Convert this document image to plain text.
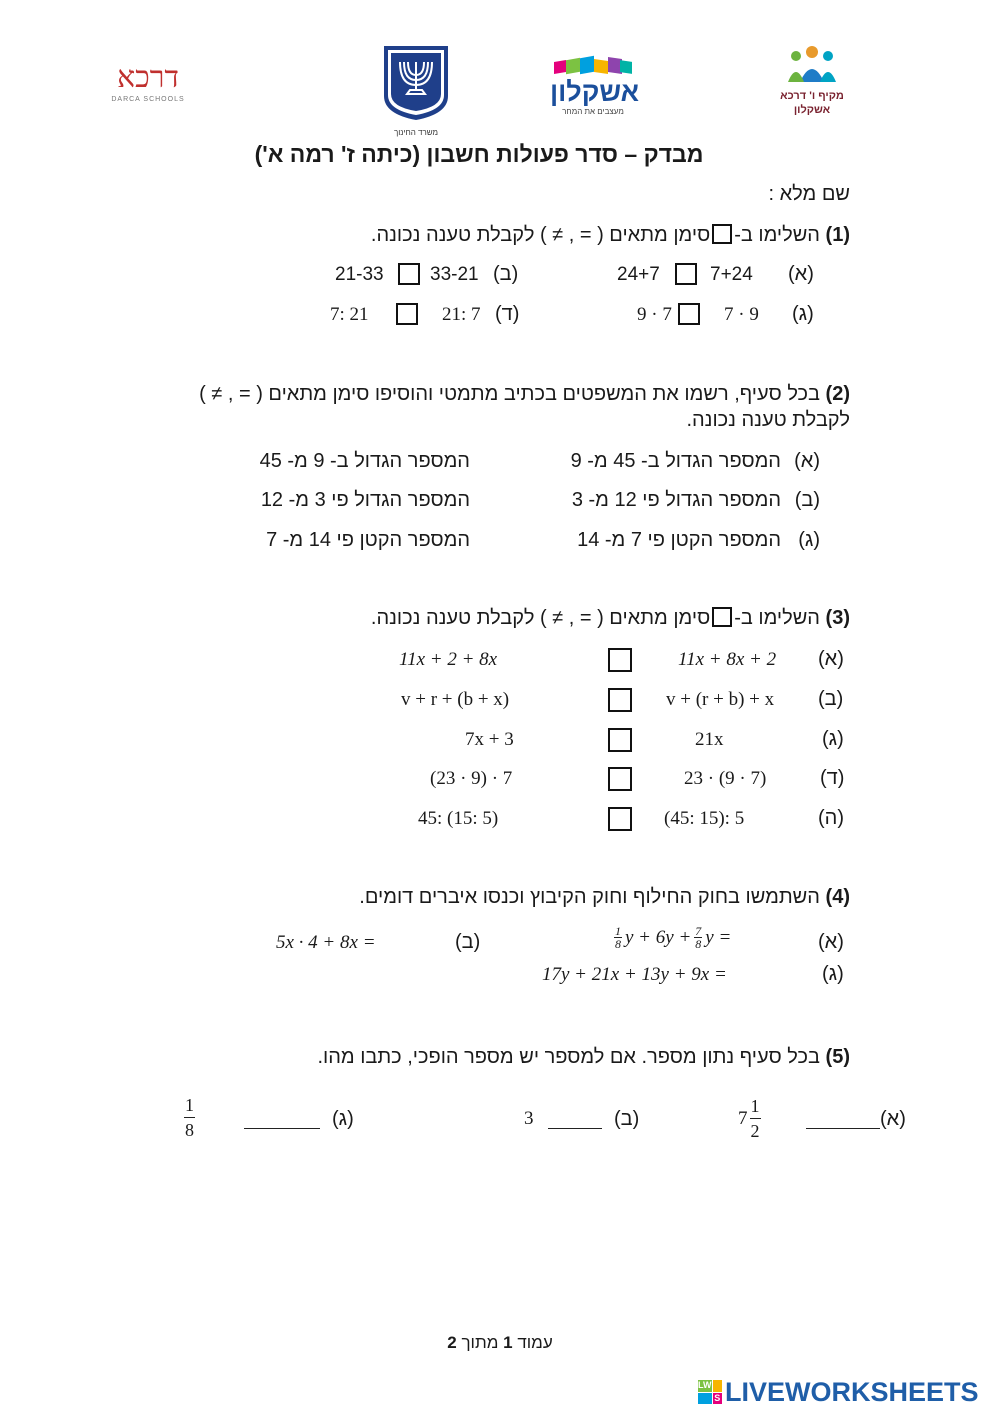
דרכא
DARCA SCHOOLS
משרד החינוך
אשקלון
מעצבים את המחר
מקיף ו' דרכא
אשקלון
מבדק – סדר פעולות חשבון (כיתה ז' רמה א')
שם מלא :
(1) השלימו ב-סימן מתאים ( = , ≠ ) לקבלת טענה נכונה.
(א)
7+24
24+7
(ב)
33-21
21-33
(ג)
7 · 9
9 · 7
(ד)
21: 7
7: 21
(2) בכל סעיף, רשמו את המשפטים בכתיב מתמטי והוסיפו סימן מתאים ( = , ≠ )
לקבלת טענה נכונה.
(א)
המספר הגדול ב- 45 מ- 9
המספר הגדול ב- 9 מ- 45
(ב)
המספר הגדול פי 12 מ- 3
המספר הגדול פי 3 מ- 12
(ג)
המספר הקטן פי 7 מ- 14
המספר הקטן פי 14 מ- 7
(3) השלימו ב-סימן מתאים ( = , ≠ ) לקבלת טענה נכונה.
(א)
11x + 8x + 2
11x + 2 + 8x
(ב)
v + (r + b) + x
v + r + (b + x)
(ג)
21x
7x + 3
(ד)
23 · (9 · 7)
(23 · 9) · 7
(ה)
(45: 15): 5
45: (15: 5)
(4) השתמשו בחוק החילוף וחוק הקיבוץ וכנסו איברים דומים.
(א)
$\frac{1}{8}$ $y + 6y + \frac{7}{8}$ y =
(ב)
5x · 4 + 8x =
(ג)
17y + 21x + 13y + 9x =
(5) בכל סעיף נתון מספר. אם למספר יש מספר הופכי, כתבו מהו.
(א)
$7 \frac{1}{2}$
(ב)
3
(ג)
$\frac{1}{8}$
עמוד 1 מתוך 2
LW
S LIVEWORKSHEETS
